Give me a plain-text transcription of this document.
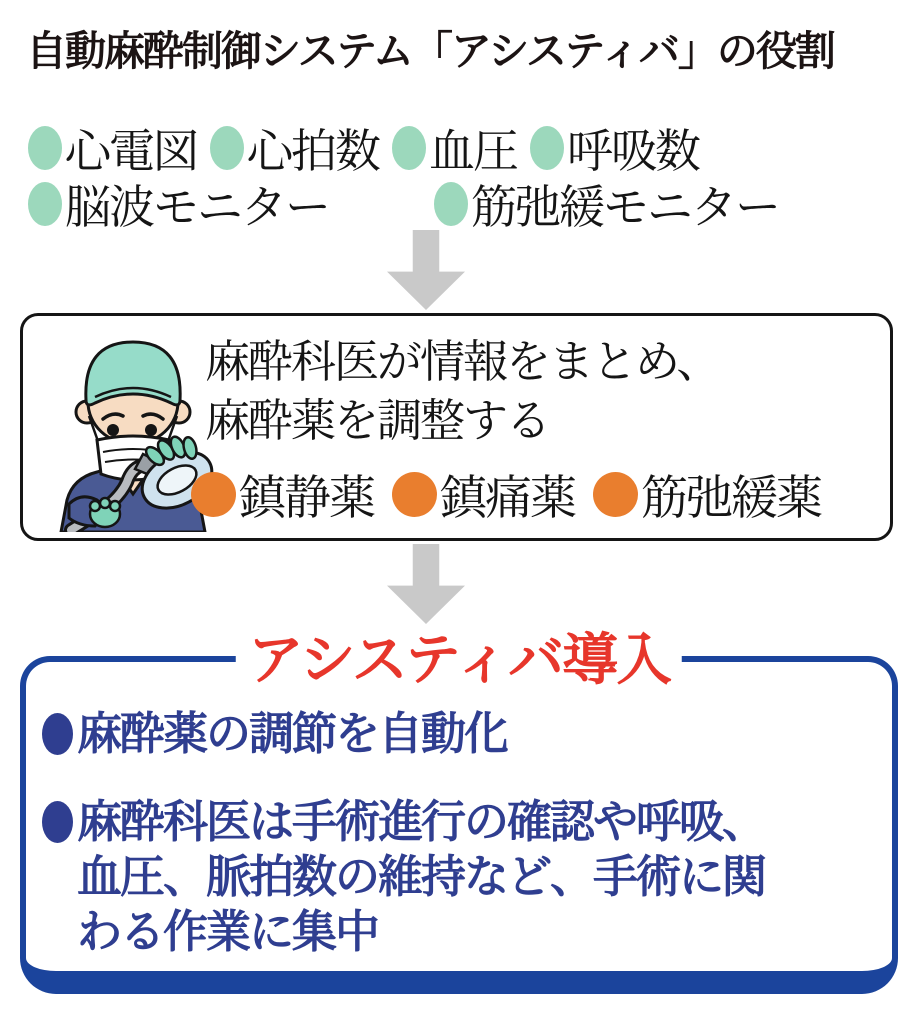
自動麻酔制御システム「アシスティバ」の役割
心電図 心拍数 血圧 呼吸数
脳波モニター	筋弛緩モニター
麻酔科医が情報をまとめ、
麻酔薬を調整する
鎮静薬 鎮痛薬 筋弛緩薬
アシスティバ導入
麻酔薬の調節を自動化
麻酔科医は手術進行の確認や呼吸、
血圧、脈拍数の維持など、手術に関
わる作業に集中
